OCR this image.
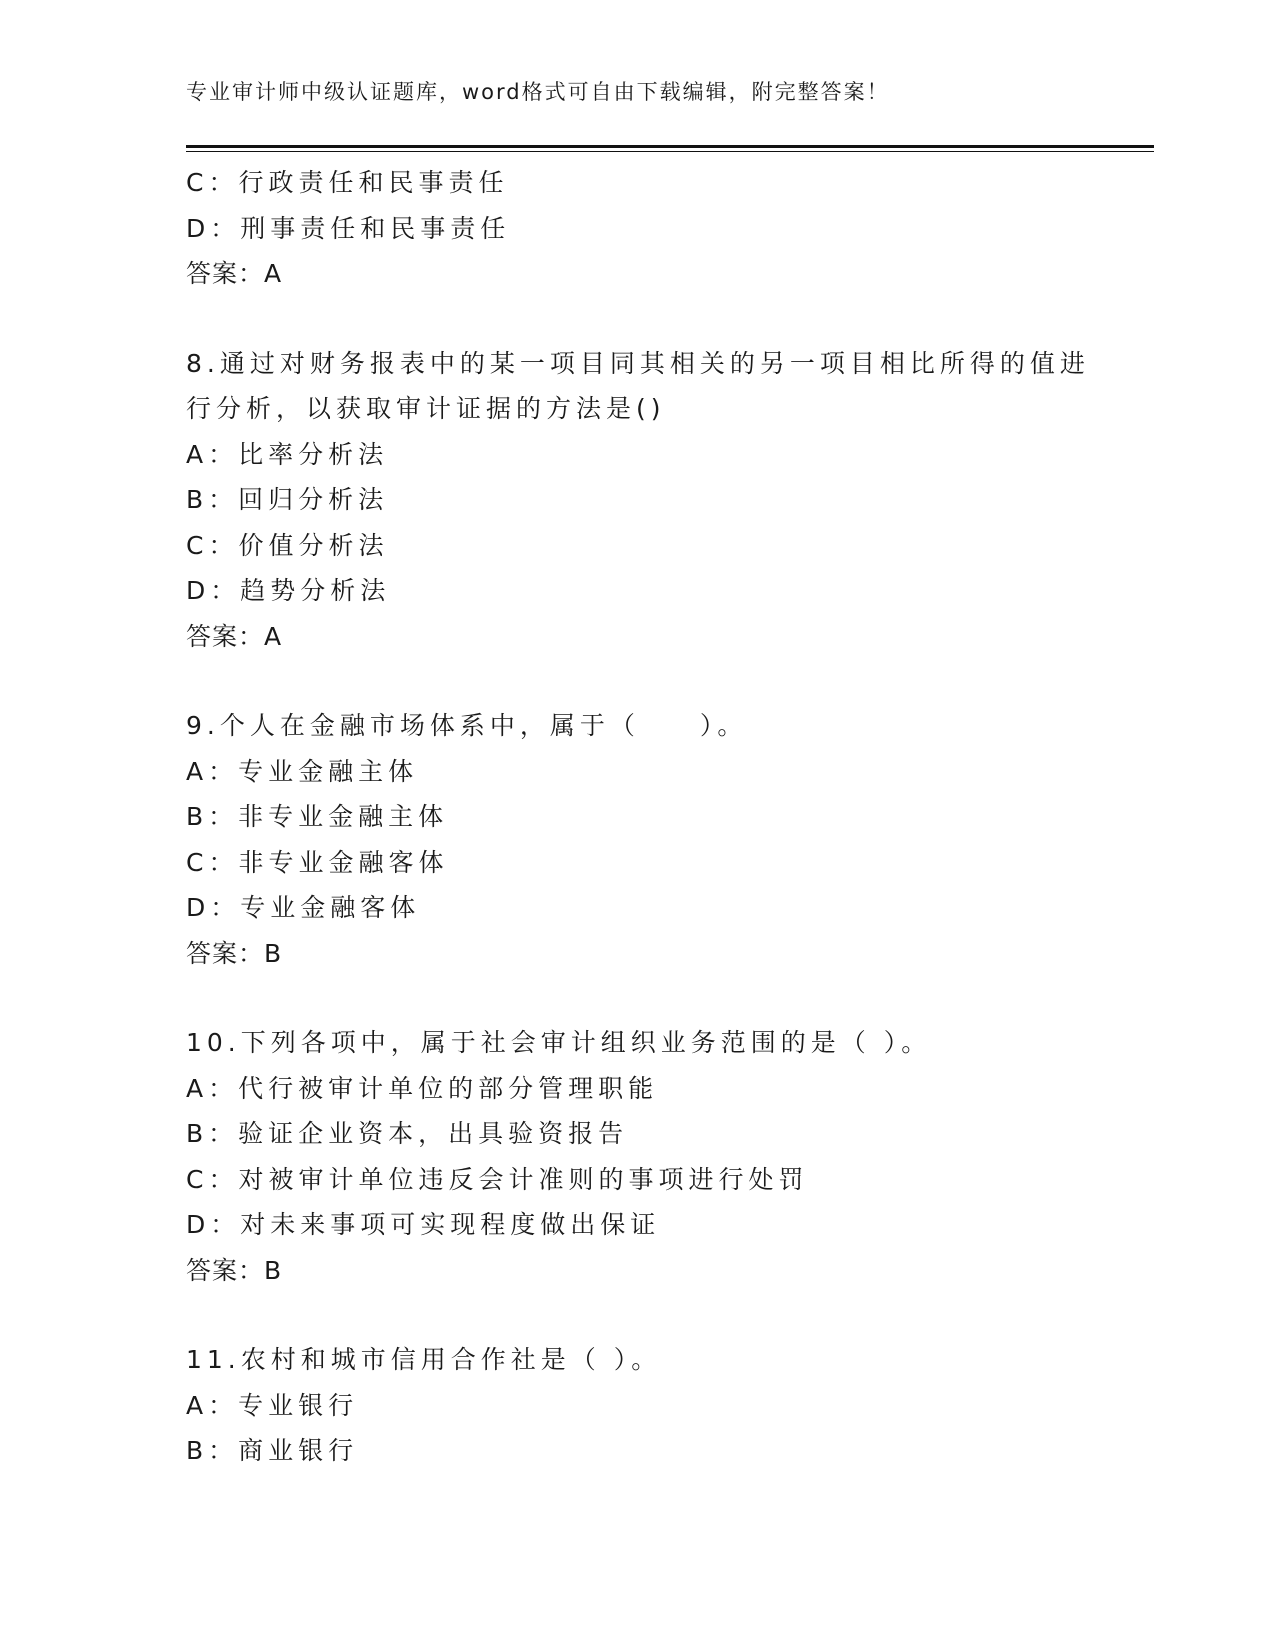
专业审计师中级认证题库，word格式可自由下载编辑，附完整答案！
C：行政责任和民事责任
D：刑事责任和民事责任
答案：A
8.通过对财务报表中的某一项目同其相关的另一项目相比所得的值进
行分析，以获取审计证据的方法是()
A：比率分析法
B：回归分析法
C：价值分析法
D：趋势分析法
答案：A
9.个人在金融市场体系中，属于（　　）。
A：专业金融主体
B：非专业金融主体
C：非专业金融客体
D：专业金融客体
答案：B
10.下列各项中，属于社会审计组织业务范围的是（ ）。
A：代行被审计单位的部分管理职能
B：验证企业资本，出具验资报告
C：对被审计单位违反会计准则的事项进行处罚
D：对未来事项可实现程度做出保证
答案：B
11.农村和城市信用合作社是（ ）。
A：专业银行
B：商业银行
